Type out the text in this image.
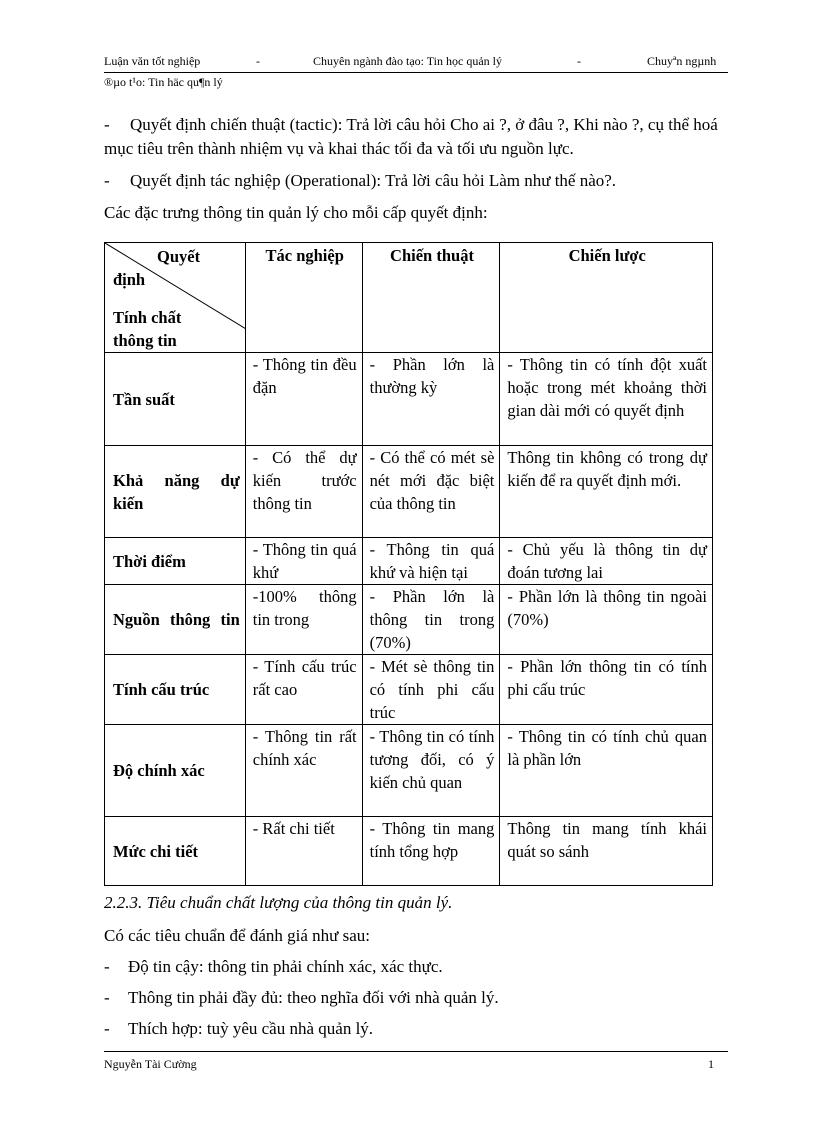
Luận văn tốt nghiệp	-	Chuyên ngành đào tạo: Tin học quản lý	-	Chuyªn ngµnh
®µo t¹o: Tin häc qu¶n lý
- Quyết định chiến thuật (tactic): Trả lời câu hỏi Cho ai ?, ở đâu ?, Khi nào ?, cụ thể hoá mục tiêu trên thành nhiệm vụ và khai thác tối đa và tối ưu nguồn lực.
- Quyết định tác nghiệp (Operational): Trả lời câu hỏi Làm như thế nào?.
Các đặc trưng thông tin quản lý cho mỗi cấp quyết định:
Quyết
định
Tính chất
thông tin	Tác nghiệp	Chiến thuật	Chiến lược
Tần suất	- Thông tin đều đặn	- Phần lớn là thường kỳ	- Thông tin có tính đột xuất hoặc trong mét khoảng thời gian dài mới có quyết định
Khả năng dự kiến	- Có thể dự kiến trước thông tin	- Có thể có mét sè nét mới đặc biệt của thông tin	Thông tin không có trong dự kiến để ra quyết định mới.
Thời điểm	- Thông tin quá khứ	- Thông tin quá khứ và hiện tại	- Chủ yếu là thông tin dự đoán tương lai
Nguồn thông tin	-100% thông tin trong	- Phần lớn là thông tin trong (70%)	- Phần lớn là thông tin ngoài (70%)
Tính cấu trúc	- Tính cấu trúc rất cao	- Mét sè thông tin có tính phi cấu trúc	- Phần lớn thông tin có tính phi cấu trúc
Độ chính xác	- Thông tin rất chính xác	- Thông tin có tính tương đối, có ý kiến chủ quan	- Thông tin có tính chủ quan là phần lớn
Mức chi tiết	- Rất chi tiết	- Thông tin mang tính tổng hợp	Thông tin mang tính khái quát so sánh
2.2.3. Tiêu chuẩn chất lượng của thông tin quản lý.
Có các tiêu chuẩn để đánh giá như sau:
- Độ tin cậy: thông tin phải chính xác, xác thực.
- Thông tin phải đầy đủ: theo nghĩa đối với nhà quản lý.
- Thích hợp: tuỳ yêu cầu nhà quản lý.
Nguyễn Tài Cường	1
